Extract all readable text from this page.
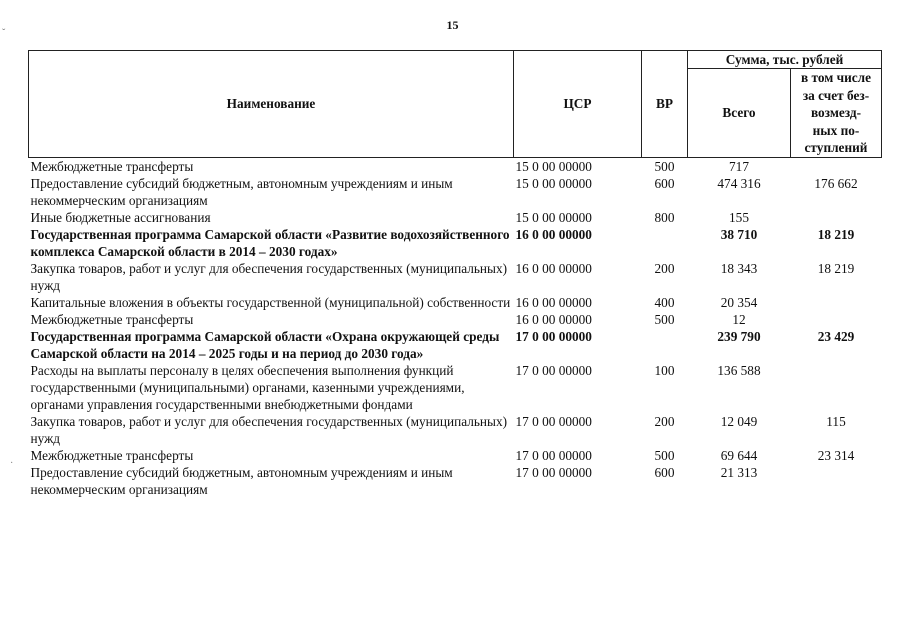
15
ˇ
·
Наименование	ЦСР	ВР	Сумма, тыс. рублей	
			Всего	в том числе
за счет без-
возмезд-
ных по-
ступлений

Межбюджетные трансферты	15 0 00 00000	500	717	
Предоставление субсидий бюджетным, автономным учреждениям и иным некоммерческим организациям	15 0 00 00000	600	474 316	176 662
Иные бюджетные ассигнования	15 0 00 00000	800	155	
Государственная программа Самарской области «Развитие водохозяйственного комплекса Самарской области в 2014 – 2030 годах»	16 0 00 00000		38 710	18 219
Закупка товаров, работ и услуг для обеспечения государственных (муниципальных) нужд	16 0 00 00000	200	18 343	18 219
Капитальные вложения в объекты государственной (муниципальной) собственности	16 0 00 00000	400	20 354	
Межбюджетные трансферты	16 0 00 00000	500	12	
Государственная программа Самарской области «Охрана окружающей среды Самарской области на 2014 – 2025 годы и на период до 2030 года»	17 0 00 00000		239 790	23 429
Расходы на выплаты персоналу в целях обеспечения выполнения функций государственными (муниципальными) органами, казенными учреждениями, органами управления государственными внебюджетными фондами	17 0 00 00000	100	136 588	
Закупка товаров, работ и услуг для обеспечения государственных (муниципальных) нужд	17 0 00 00000	200	12 049	115
Межбюджетные трансферты	17 0 00 00000	500	69 644	23 314
Предоставление субсидий бюджетным, автономным учреждениям и иным некоммерческим организациям	17 0 00 00000	600	21 313	
